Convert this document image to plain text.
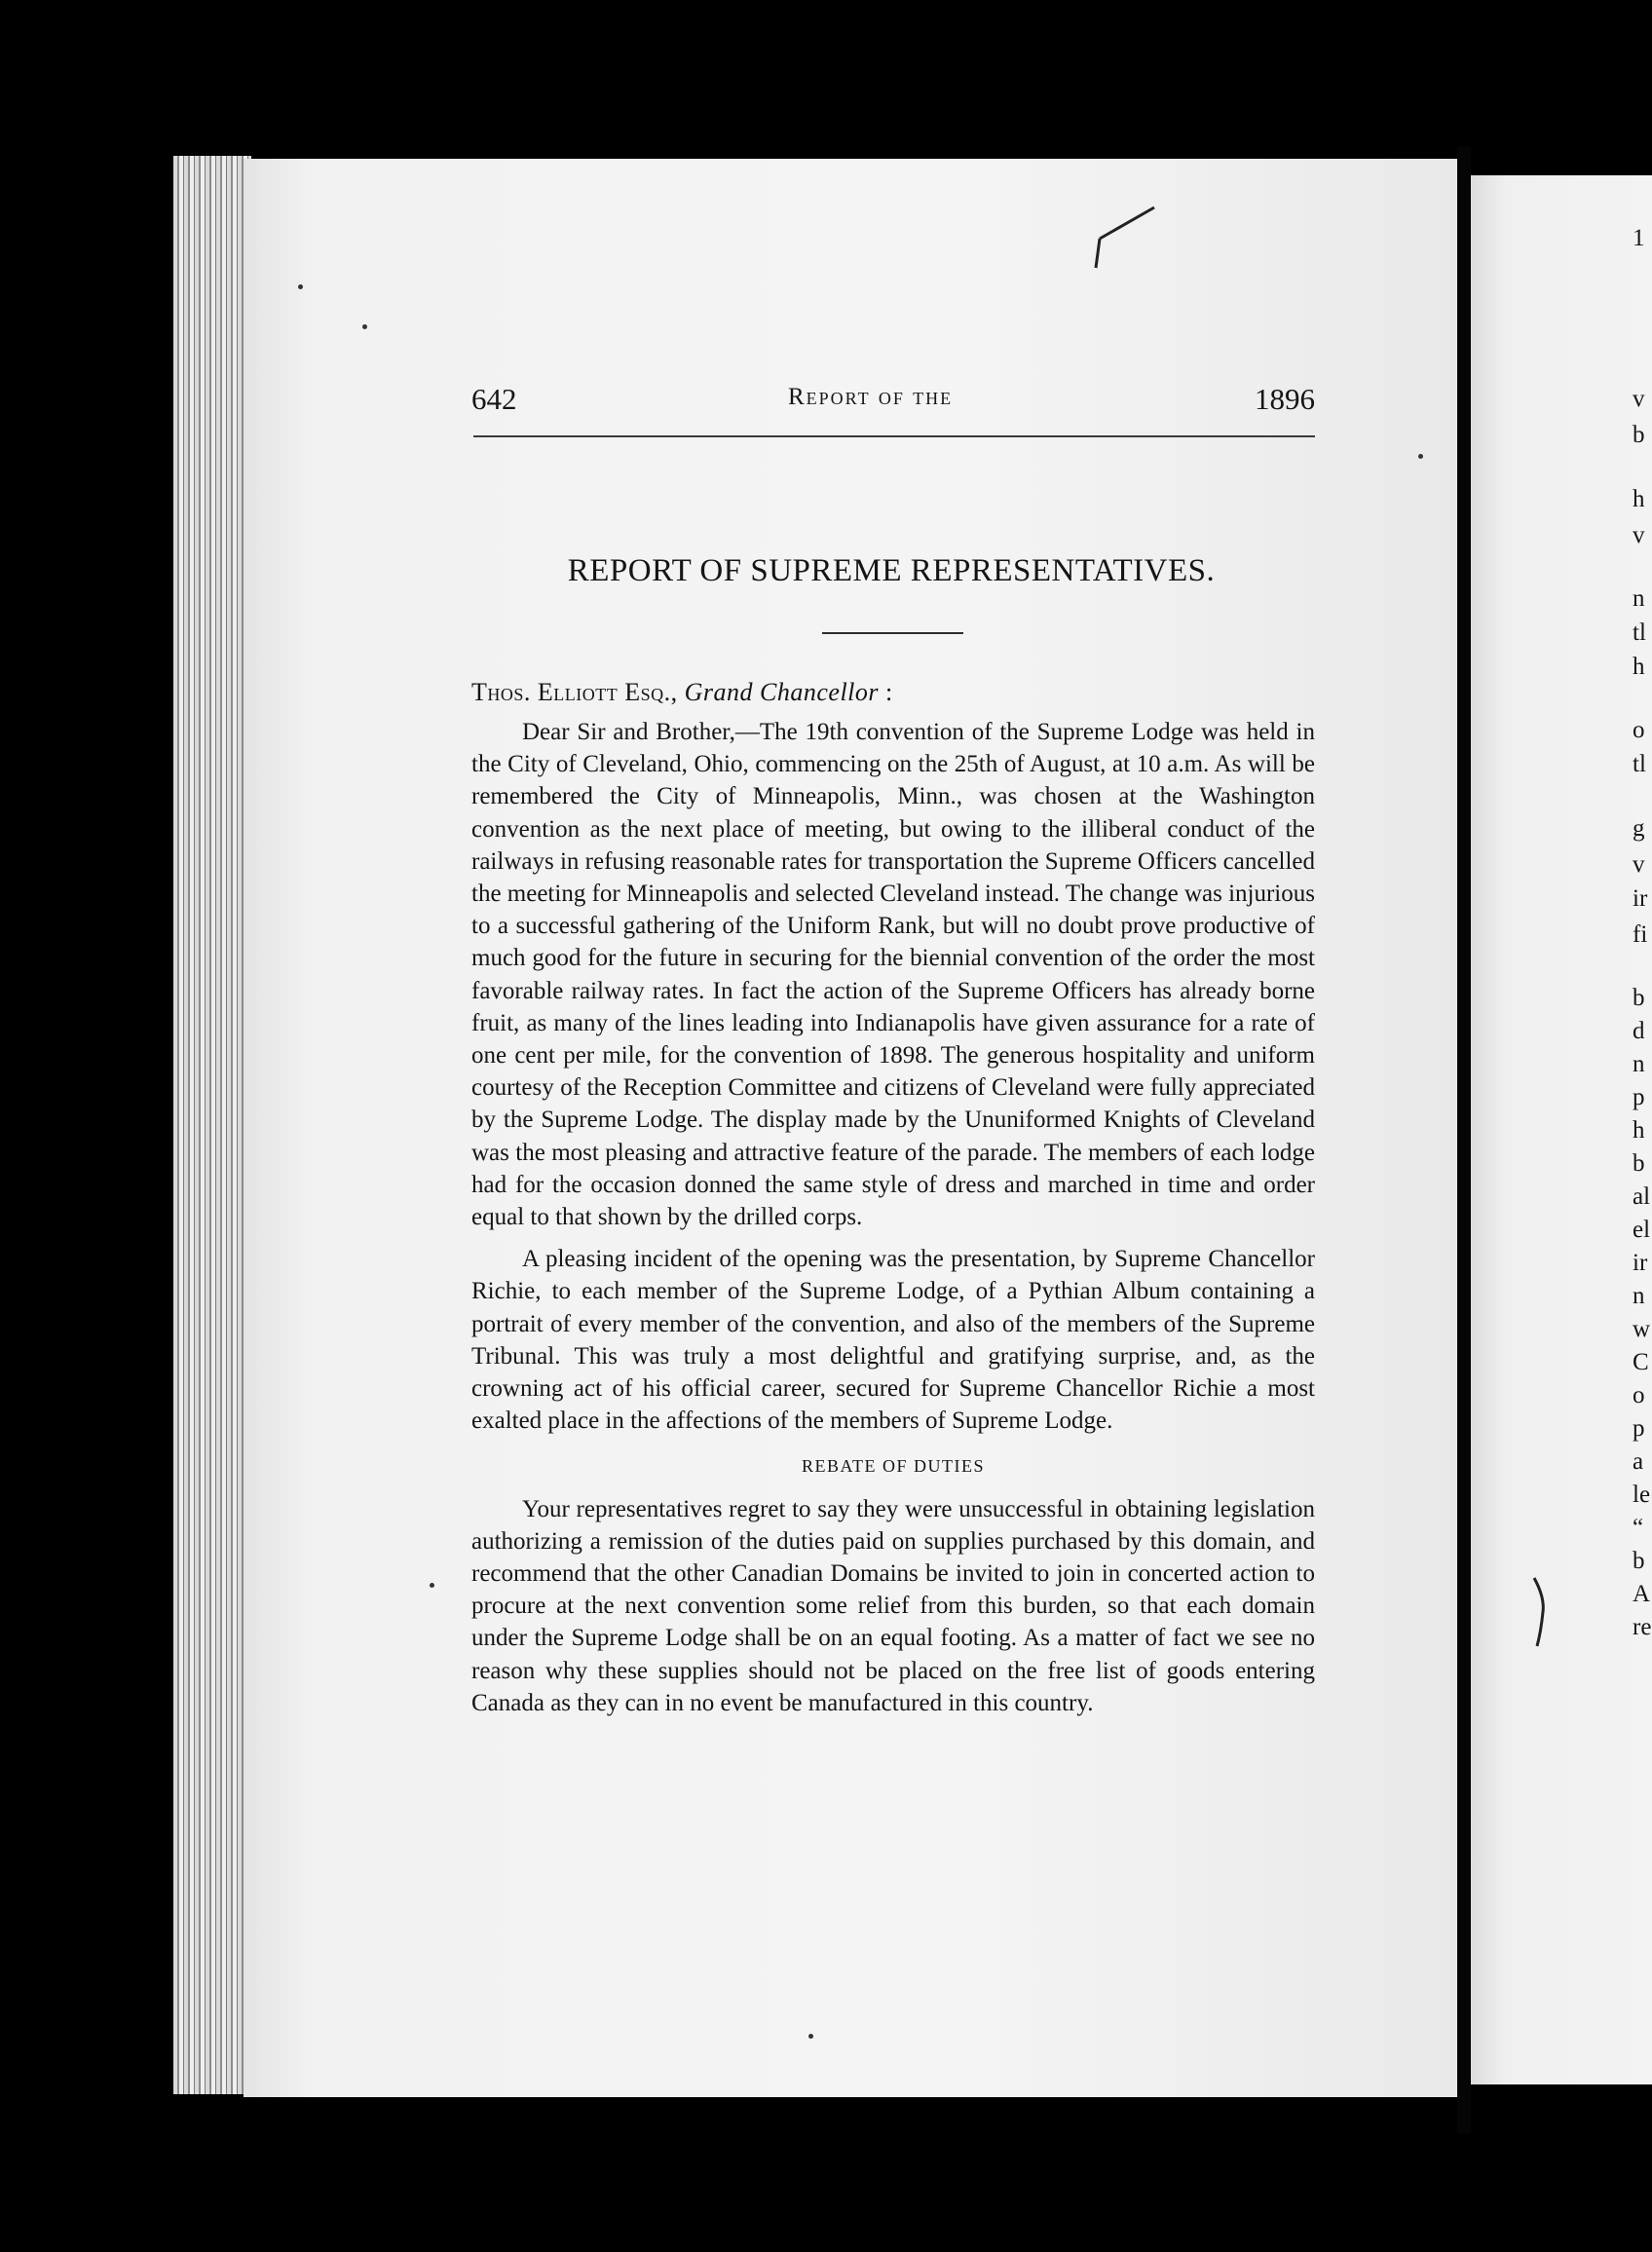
1
v
b
h
v
n
tl
h
o
tl
g
v
ir
fi
b
d
n
p
h
b
al
el
ir
n
w
C
o
p
a
le
“
b
A
re
642	Report of the	1896
REPORT OF SUPREME REPRESENTATIVES.
Thos. Elliott Esq., Grand Chancellor :

Dear Sir and Brother,—The 19th convention of the Supreme Lodge was held in the City of Cleveland, Ohio, commencing on the 25th of August, at 10 a.m. As will be remembered the City of Minneapolis, Minn., was chosen at the Washington convention as the next place of meeting, but owing to the illiberal conduct of the railways in refusing reasonable rates for transportation the Supreme Officers cancelled the meeting for Minneapolis and selected Cleveland instead. The change was injurious to a successful gathering of the Uniform Rank, but will no doubt prove productive of much good for the future in securing for the biennial convention of the order the most favorable railway rates. In fact the action of the Supreme Officers has already borne fruit, as many of the lines leading into Indianapolis have given assurance for a rate of one cent per mile, for the convention of 1898. The generous hospitality and uniform courtesy of the Reception Committee and citizens of Cleveland were fully appreciated by the Supreme Lodge. The display made by the Ununiformed Knights of Cleveland was the most pleasing and attractive feature of the parade. The members of each lodge had for the occasion donned the same style of dress and marched in time and order equal to that shown by the drilled corps.

A pleasing incident of the opening was the presentation, by Supreme Chancellor Richie, to each member of the Supreme Lodge, of a Pythian Album containing a portrait of every member of the convention, and also of the members of the Supreme Tribunal. This was truly a most delightful and gratifying surprise, and, as the crowning act of his official career, secured for Supreme Chancellor Richie a most exalted place in the affections of the members of Supreme Lodge.

REBATE OF DUTIES

Your representatives regret to say they were unsuccessful in obtaining legislation authorizing a remission of the duties paid on supplies purchased by this domain, and recommend that the other Canadian Domains be invited to join in concerted action to procure at the next convention some relief from this burden, so that each domain under the Supreme Lodge shall be on an equal footing. As a matter of fact we see no reason why these supplies should not be placed on the free list of goods entering Canada as they can in no event be manufactured in this country.
